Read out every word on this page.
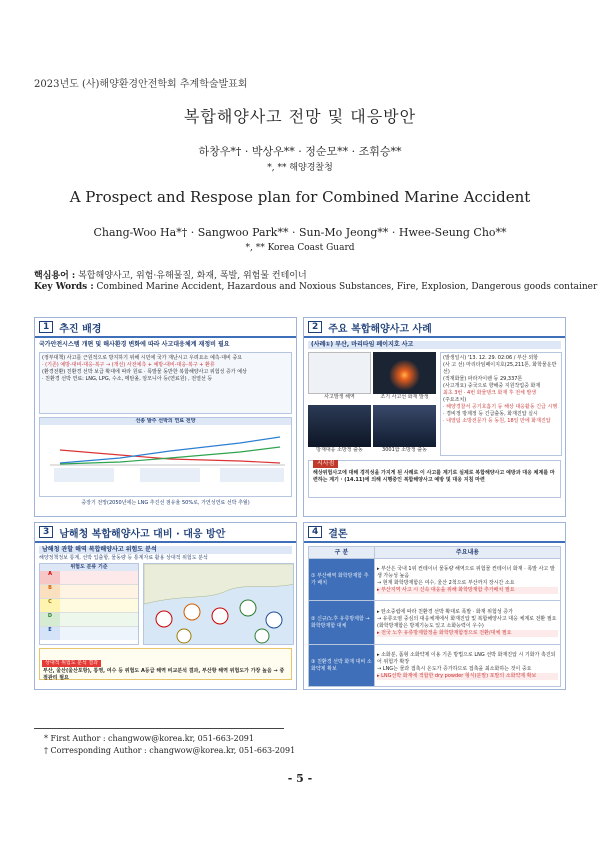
2023년도 (사)해양환경안전학회 추계학술발표회
복합해양사고 전망 및 대응방안
하창우*† · 박상우** · 정순모** · 조휘승**
*, ** 해양경찰청
A Prospect and Respose plan for Combined Marine Accident
Chang-Woo Ha*† · Sangwoo Park** · Sun-Mo Jeong** · Hwee-Seung Cho**
*, ** Korea Coast Guard
핵심용어 : 복합해양사고, 위험·유해물질, 화재, 폭발, 위험물 컨테이너
Key Words : Combined Marine Accident, Hazardous and Noxious Substances, Fire, Explosion, Dangerous goods container
1	추진 배경
국가안전시스템 개편 및 해사환경 변화에 따라 사고대응체계 재정비 필요
(정부대책) 사고를 근원적으로 방지하기 위해 시민에 국가 재난시고 우려요소 예측·대비 중요
· (기존) 예방-대비-대응-복구 → (개선) 사전예측 + 예방-대비-대응-복구 + 환류
(환경전환) 친환경 선박 보급 확대에 따라 원료 · 폭발물 동반한 복합해양사고 위험성 증가 예상
· 친환경 선박 연료: LNG, LPG, 수소, 메탄올, 암모니아 등(연료원) , 전열선 등
선종 발주 선박의 연료 전망
중장기 전망(2050년에는 LNG 추진선 점유율 50%로, 가연성연료 선박 추월)
2	주요 복합해양사고 사례
(사례①) 부산, 마리타임 페이지호 사고
사고발생 해역	조기 사고선 화재 발생
방재대응 소방정 출동	3001함 소방정 출동
(발생일시) '13. 12. 29. 02:06 / 부산 외항
(사 고 선) 마리타임페이지호(25,211톤, 화학물운반선)
(적재화물) 파라자이렌 등 29,337톤
(사고개요) 중국으로 향해중 지원작업중 화재
최초 3번 · 4번 화물탱크 화재 후 전체 발생
(주요조치)
· 해양경찰서 공기호흡기 등 해상 대응활동 긴급 시행
· 경비정 방제정 등 긴급출동, 화재진압 실시
· 내열팀 소방전문가 등 동원, 18일 만에 화재진압
시사점
해상위험사고에 대해 경직성을 가지게 된 사례로 이 사고를 계기로 실제로 복합해양사고 예방과 대응 체계를 마련하는 계기 · (14.11)에 의해 시행중인 복합해양사고 예방 및 대응 지침 마련
3	남해청 복합해양사고 대비 · 대응 방안
남해청 관할 해역 복합해양사고 위험도 분석
해양정책정보 통계, 선박 입출항, 물동량 등 통계자료 활용 상대적 위험도 분석
위험도 분류 기준
A
B
C
D
E
상대적 위험도 분석 결과
부산, 울산(울산포항), 통영, 여수 등 위험도 A등급 해역 비교분석 결과, 부산항 해역 위험도가 가장 높음 → 중점관리 필요
4	결론
구 분	주요내용
① 부산해역 화학방재함 추가 배치	▸ 부산은 국내 1위 컨테이너 물동량 해역으로 위험물 컨테이너 화재 · 폭발 사고 발생 가능성 높음
→ 현재 화학방재함은 여수, 울산 2척으로 부산까지 장시간 소요
▸ 부산지역 사고 시 신속 대응을 위해 화학방재함 추가배치 필요

② 신규/노후 유류방제함 → 화학방재함 대체	▸ 탄소중립에 따라 친환경 선박 확대로 폭발 · 화재 위험성 증가
→ 유류오염 중심의 대응체계에서 화재진압 및 복합해양사고 대응 체계로 전환 필요(화학방재함은 방제기능도 있고 소화능력이 우수)
▸ 전국 노후 유류방제함정을 화학방재함정으로 전환/대체 필요

③ 친환경 선박 화재 대비 소화약제 확보	▸ 소화분, 폼형 소화약제 이용 기존 방법으로 LNG 선박 화재진압 시 기화가 촉진되어 위험가 확장
→ LNG는 물과 접촉시 온도가 증가하므로 접촉을 최소화하는 것이 중요
▸ LNG선박 화재에 적합한 dry powder 형식(분말) 포말의 소화약제 확보
* First Author : changwow@korea.kr, 051-663-2091
† Corresponding Author : changwow@korea.kr, 051-663-2091
- 5 -
